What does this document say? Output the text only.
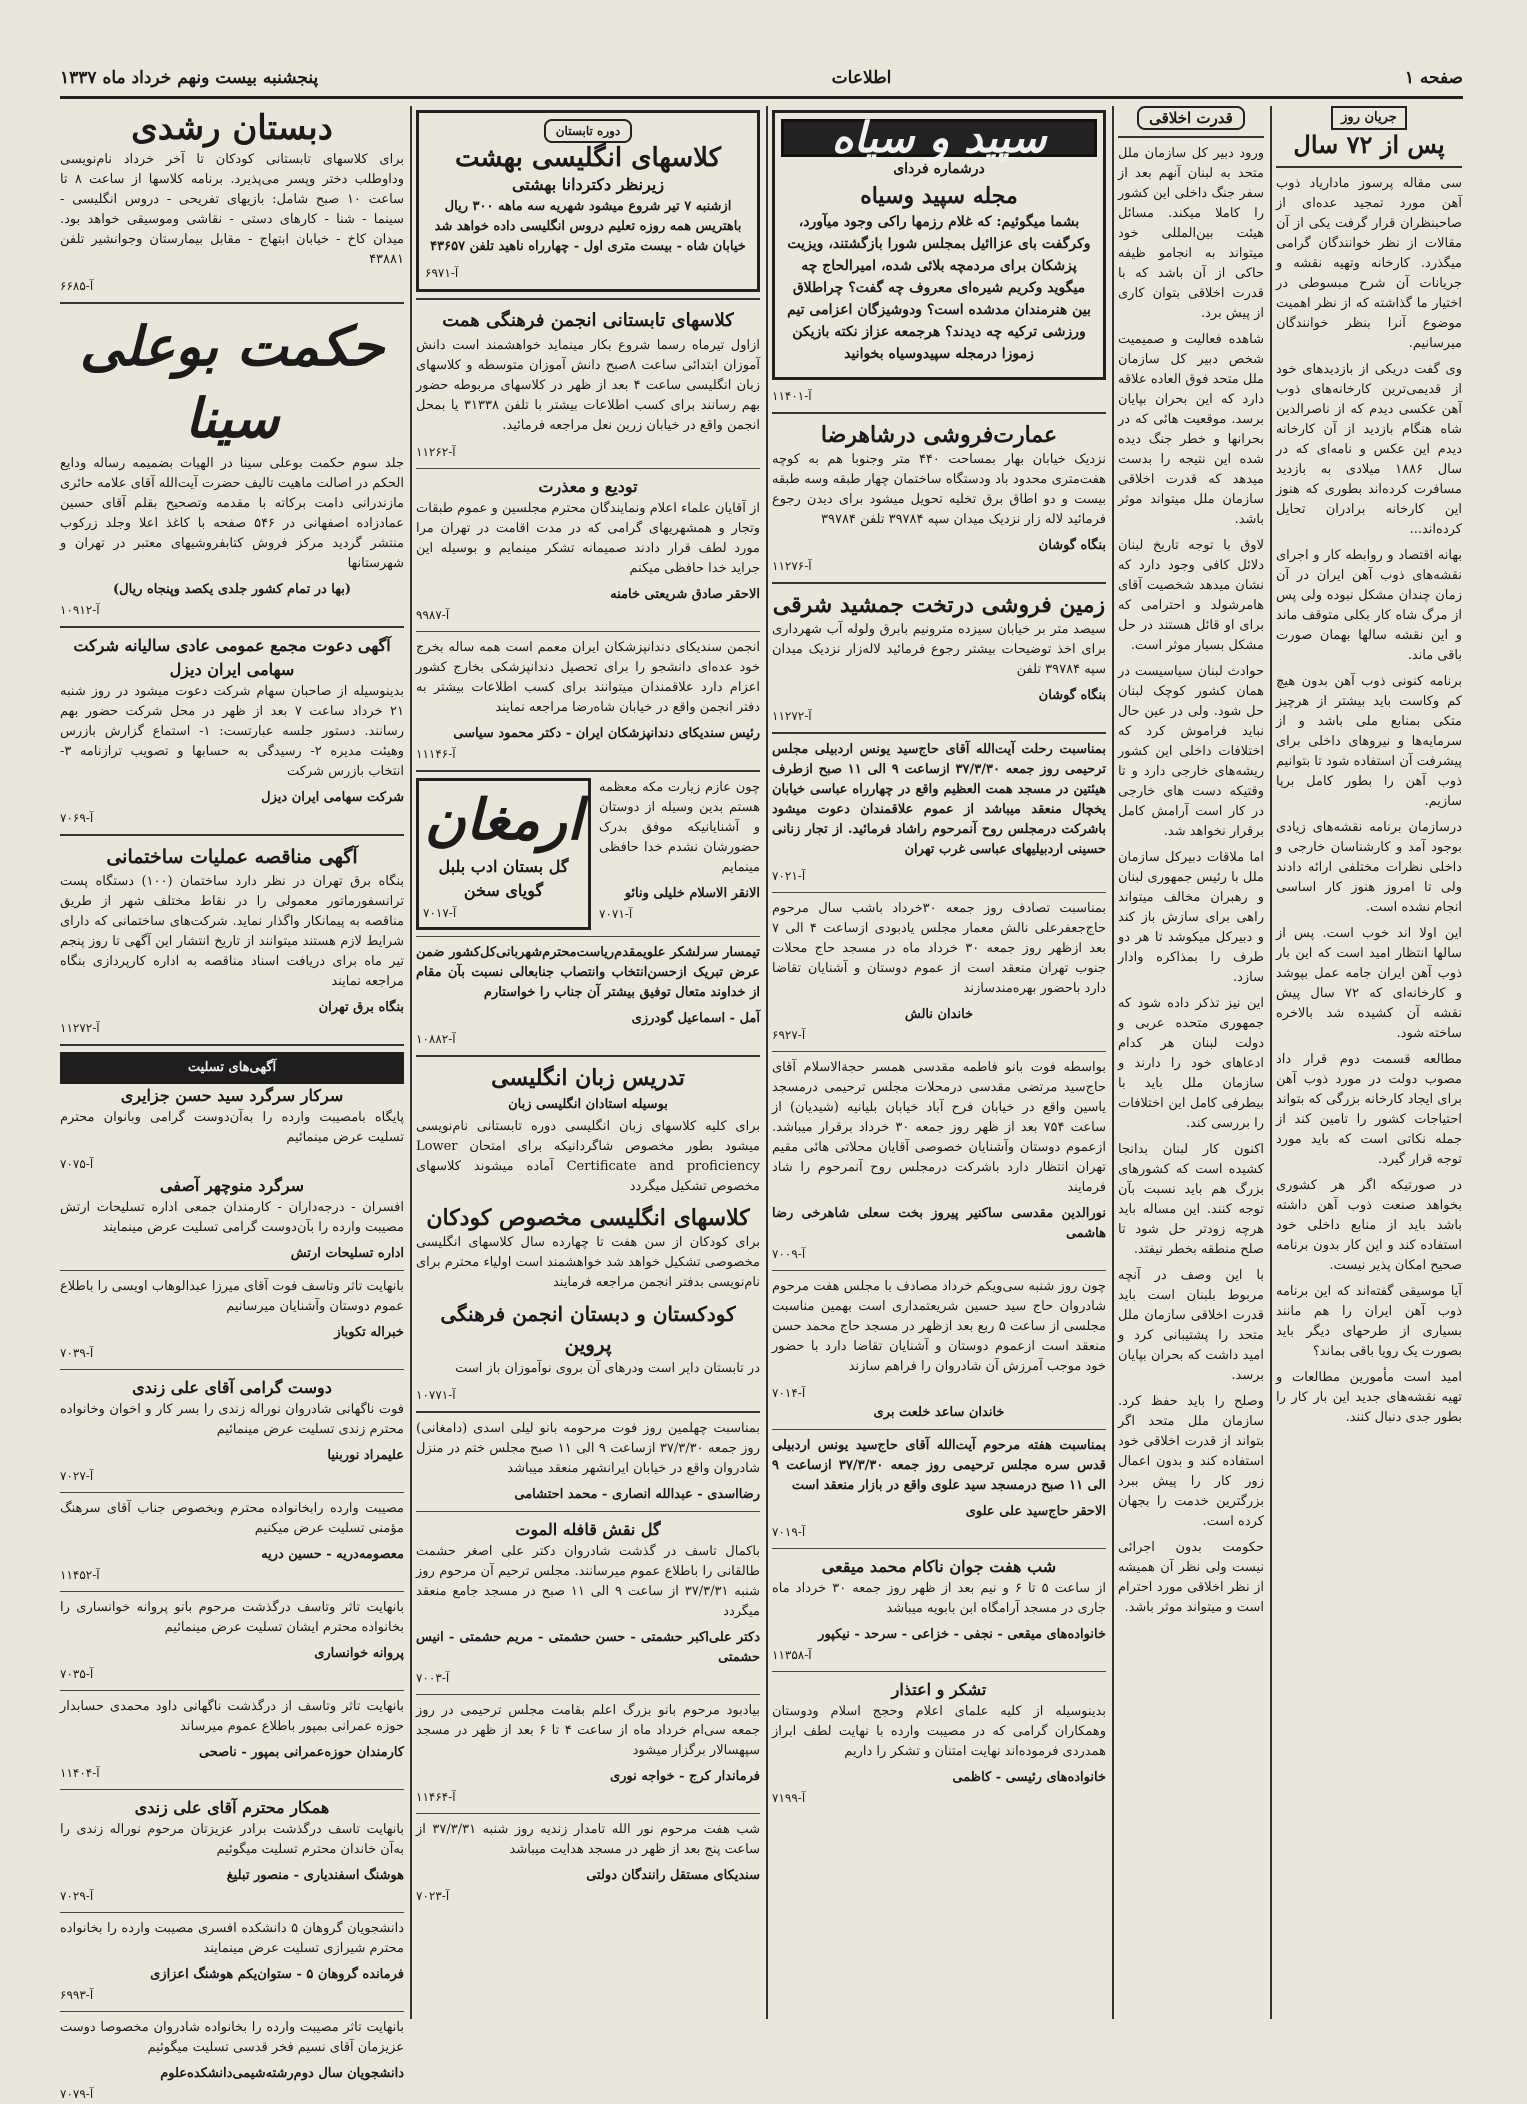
صفحه ۱
اطلاعات
پنجشنبه بیست ونهم خرداد ماه ۱۳۳۷
جریان روز
پس از ۷۲ سال

سی مقاله پرسوز ماداریاد ذوب آهن مورد تمجید عده‌ای از صاحبنظران قرار گرفت یکی از آن مقالات از نظر خوانندگان گرامی میگذرد. کارخانه وتهیه نقشه و جریانات آن شرح مبسوطی در اختیار ما گذاشته که از نظر اهمیت موضوع آنرا بنظر خوانندگان میرسانیم.

وی گفت دریکی از بازدیدهای خود از قدیمی‌ترین کارخانه‌های ذوب آهن عکسی دیدم که از ناصرالدین شاه هنگام بازدید از آن کارخانه دیدم این عکس و نامه‌ای که در سال ۱۸۸۶ میلادی به بازدید مسافرت کرده‌اند بطوری که هنوز این کارخانه برادران تحایل کرده‌اند...

بهانه اقتصاد و روابطه کار و اجرای نقشه‌های ذوب آهن ایران در آن زمان چندان مشکل نبوده ولی پس از مرگ شاه کار بکلی متوقف ماند و این نقشه سالها بهمان صورت باقی ماند.

برنامه کنونی ذوب آهن بدون هیچ کم وکاست باید بیشتر از هرچیز متکی بمنابع ملی باشد و از سرمایه‌ها و نیروهای داخلی برای پیشرفت آن استفاده شود تا بتوانیم ذوب آهن را بطور کامل برپا سازیم.

درسازمان برنامه نقشه‌های زیادی بوجود آمد و کارشناسان خارجی و داخلی نظرات مختلفی ارائه دادند ولی تا امروز هنوز کار اساسی انجام نشده است.

این اولا اند خوب است. پس از سالها انتظار امید است که این بار ذوب آهن ایران جامه عمل بپوشد و کارخانه‌ای که ۷۲ سال پیش نقشه آن کشیده شد بالاخره ساخته شود.

مطالعه قسمت دوم قرار داد مصوب دولت در مورد ذوب آهن برای ایجاد کارخانه بزرگی که بتواند احتیاجات کشور را تامین کند از جمله نکاتی است که باید مورد توجه قرار گیرد.

در صورتیکه اگر هر کشوری بخواهد صنعت ذوب آهن داشته باشد باید از منابع داخلی خود استفاده کند و این کار بدون برنامه صحیح امکان پذیر نیست.

آیا موسیقی گفته‌اند که این برنامه ذوب آهن ایران را هم مانند بسیاری از طرحهای دیگر باید بصورت یک رویا باقی بماند؟

امید است مأمورین مطالعات و تهیه نقشه‌های جدید این بار کار را بطور جدی دنبال کنند.

قدرت اخلاقی

ورود دبیر کل سازمان ملل متحد به لبنان آنهم بعد از سفر جنگ داخلی این کشور را کاملا میکند. مسائل هیئت بین‌المللی خود میتواند به انجامو ظیفه حاکی از آن باشد که با قدرت اخلاقی بتوان کاری از پیش برد.

شاهده فعالیت و صمیمیت شخص دبیر کل سازمان ملل متحد فوق العاده علاقه دارد که این بحران بپایان برسد. موقعیت هائی که در بحرانها و خطر جنگ دیده شده این نتیجه را بدست میدهد که قدرت اخلاقی سازمان ملل میتواند موثر باشد.

لاوق با توجه تاریخ لبنان دلائل کافی وجود دارد که نشان میدهد شخصیت آقای هامرشولد و احترامی که برای او قائل هستند در حل مشکل بسیار موثر است.

حوادث لبنان سیاسیست در همان کشور کوچک لبنان حل شود. ولی در عین حال نباید فراموش کرد که اختلافات داخلی این کشور ریشه‌های خارجی دارد و تا وقتیکه دست های خارجی در کار است آرامش کامل برقرار نخواهد شد.

اما ملاقات دبیرکل سازمان ملل با رئیس جمهوری لبنان و رهبران مخالف میتواند راهی برای سازش باز کند و دبیرکل میکوشد تا هر دو طرف را بمذاکره وادار سازد.

این نیز تذکر داده شود که جمهوری متحده عربی و دولت لبنان هر کدام ادعاهای خود را دارند و سازمان ملل باید با بیطرفی کامل این اختلافات را بررسی کند.

اکنون کار لبنان بدانجا کشیده است که کشورهای بزرگ هم باید نسبت بآن توجه کنند. این مساله باید هرچه زودتر حل شود تا صلح منطقه بخطر نیفتد.

با این وصف در آنچه مربوط بلبنان است باید قدرت اخلاقی سازمان ملل متحد را پشتیبانی کرد و امید داشت که بحران بپایان برسد.

وصلح را باید حفظ کرد. سازمان ملل متحد اگر بتواند از قدرت اخلاقی خود استفاده کند و بدون اعمال زور کار را پیش ببرد بزرگترین خدمت را بجهان کرده است.

حکومت بدون اجرائی نیست ولی نظر آن همیشه از نظر اخلاقی مورد احترام است و میتواند موثر باشد.

سپید و سیاه
درشماره فردای
مجله سپید وسیاه

بشما میگوئیم: که غلام رزمها راکی وجود میآورد، وکرگفت بای عزاائیل بمجلس شورا بازگشتند، ویزیت پزشکان برای مردمچه بلائی شده، امیرالحاج چه میگوید وکریم شیره‌ای معروف چه گفت؟ چراطلاق بین هنرمندان مدشده است؟ ودوشیزگان اعزامی تیم ورزشی ترکیه چه دیدند؟ هرجمعه عزاز نکته بازیکن زموزا درمجله سپیدوسیاه بخوانید

آ-۱۱۴۰۱
عمارت‌فروشی درشاهرضا

نزدیک خیابان بهار بمساحت ۴۴۰ متر وجنوبا هم به کوچه هفت‌متری محدود باد ودستگاه ساختمان چهار طبقه وسه طبقه بیست و دو اطاق برق تخلیه تحویل میشود برای دیدن رجوع فرمائید لاله زار نزدیک میدان سپه ۳۹۷۸۴ تلفن ۳۹۷۸۴

بنگاه گوشان
آ-۱۱۲۷۶
زمین فروشی درتخت جمشید شرقی

سیصد متر بر خیابان سیزده مترونیم بابرق ولوله آب شهرداری برای اخذ توضیحات بیشتر رجوع فرمائید لاله‌زار نزدیک میدان سپه ۳۹۷۸۴ تلفن

بنگاه گوشان
آ-۱۱۲۷۲

بمناسبت رحلت آیت‌الله آقای حاج‌سید یونس اردبیلی مجلس ترحیمی روز جمعه ۳۷/۳/۳۰ ازساعت ۹ الی ۱۱ صبح ازطرف هیئتین در مسجد همت العظیم واقع در چهارراه عباسی خیابان یخچال منعقد میباشد از عموم علاقمندان دعوت میشود باشرکت درمجلس روح آنمرحوم راشاد فرمائید. از تجار زنانی حسینی اردبیلیهای عباسی غرب تهران

آ-۷۰۲۱

بمناسبت تصادف روز جمعه ۳۰خرداد باشب سال مرحوم حاج‌جعفرعلی نالش معمار مجلس یادبودی ازساعت ۴ الی ۷ بعد ازظهر روز جمعه ۳۰ خرداد ماه در مسجد حاج محلات جنوب تهران منعقد است از عموم دوستان و آشنایان تقاضا دارد باحضور بهره‌مندسازند

خاندان نالش
آ-۶۹۲۷

بواسطه فوت بانو فاطمه مقدسی همسر حجة‌الاسلام آقای حاج‌سید مرتضی مقدسی درمحلات مجلس ترحیمی درمسجد یاسین واقع در خیابان فرح آباد خیابان بلیانیه (شیدیان) از ساعت ۷۵۴ بعد از ظهر روز جمعه ۳۰ خرداد برقرار میباشد. ازعموم دوستان وآشنایان خصوصی آقایان محلاتی هائی مقیم تهران انتظار دارد باشرکت درمجلس روح آنمرحوم را شاد فرمایند

نورالدین مقدسی ساکنیر پیروز بخت سعلی شاهرخی رضا هاشمی
آ-۷۰۰۹

چون روز شنبه سی‌ویکم خرداد مصادف با مجلس هفت مرحوم شادروان حاج سید حسین شریعتمداری است بهمین مناسبت مجلسی از ساعت ۵ ربع بعد ازظهر در مسجد حاج محمد حسن منعقد است ازعموم دوستان و آشنایان تقاضا دارد با حضور خود موجب آمرزش آن شادروان را فراهم سازند

آ-۷۰۱۴
خاندان ساعد خلعت بری

بمناسبت هفته مرحوم آیت‌الله آقای حاج‌سید یونس اردبیلی قدس سره مجلس ترحیمی روز جمعه ۳۷/۳/۳۰ ازساعت ۹ الی ۱۱ صبح درمسجد سید علوی واقع در بازار منعقد است

الاحقر حاج‌سید علی علوی
آ-۷۰۱۹
شب هفت جوان ناکام محمد میقعی

از ساعت ۵ تا ۶ و نیم بعد از ظهر روز جمعه ۳۰ خرداد ماه جاری در مسجد آرامگاه ابن بابویه میباشد

خانواده‌های میقعی - نجفی - خزاعی - سرحد - نیکپور
آ-۱۱۳۵۸
تشکر و اعتذار

بدینوسیله از کلیه علمای اعلام وحجج اسلام ودوستان وهمکاران گرامی که در مصیبت وارده با نهایت لطف ابراز همدردی فرموده‌اند نهایت امتنان و تشکر را داریم

خانواده‌های رئیسی - کاظمی
آ-۷۱۹۹
دوره تابستان
کلاسهای انگلیسی بهشت
زیرنظر دکتردانا بهشتی

ازشنبه ۷ تیر شروع میشود شهریه سه ماهه ۳۰۰ ریال باهتریس همه روزه تعلیم دروس انگلیسی داده خواهد شد خیابان شاه - بیست متری اول - چهارراه ناهید تلفن ۴۳۶۵۷

آ-۶۹۷۱
کلاسهای تابستانی انجمن فرهنگی همت

ازاول تیرماه رسما شروع بکار مینماید خواهشمند است دانش آموزان ابتدائی ساعت ۸صبح دانش آموزان متوسطه و کلاسهای زبان انگلیسی ساعت ۴ بعد از ظهر در کلاسهای مربوطه حضور بهم رسانند برای کسب اطلاعات بیشتر با تلفن ۳۱۳۳۸ یا بمحل انجمن واقع در خیابان زرین نعل مراجعه فرمائید.

آ-۱۱۲۶۲
تودیع و معذرت

از آقایان علماء اعلام ونمایندگان محترم مجلسین و عموم طبقات وتجار و همشهریهای گرامی که در مدت اقامت در تهران مرا مورد لطف قرار دادند صمیمانه تشکر مینمایم و بوسیله این جراید خدا حافظی میکنم

الاحقر صادق شریعتی خامنه
آ-۹۹۸۷

انجمن سندیکای دندانپزشکان ایران معمم است همه ساله بخرج خود عده‌ای دانشجو را برای تحصیل دندانپزشکی بخارج کشور اعزام دارد علاقمندان میتوانند برای کسب اطلاعات بیشتر به دفتر انجمن واقع در خیابان شاه‌رضا مراجعه نمایند

رئیس سندیکای دندانپزشکان ایران - دکتر محمود سیاسی
آ-۱۱۱۴۶

چون عازم زیارت مکه معظمه هستم بدین وسیله از دوستان و آشنایانیکه موفق بدرک حضورشان نشدم خدا حافظی مینمایم

الانقر الاسلام خلیلی ونائو
آ-۷۰۷۱
ارمغان
گل بستان ادب بلبل گویای سخن
آ-۷۰۱۷

تیمسار سرلشکر علویمقدم‌ریاست‌محترم‌شهربانی‌کل‌کشور ضمن عرض تبریک ازحسن‌انتخاب وانتصاب جنابعالی نسبت بآن مقام از خداوند متعال توفیق بیشتر آن جناب را خواستارم

آمل - اسماعیل گودرزی
آ-۱۰۸۸۲
تدریس زبان انگلیسی
بوسیله استادان انگلیسی زبان

برای کلیه کلاسهای زبان انگلیسی دوره تابستانی نام‌نویسی میشود بطور مخصوص شاگردانیکه برای امتحان Lower Certificate and proficiency آماده میشوند کلاسهای مخصوص تشکیل میگردد

کلاسهای انگلیسی مخصوص کودکان

برای کودکان از سن هفت تا چهارده سال کلاسهای انگلیسی مخصوصی تشکیل خواهد شد خواهشمند است اولیاء محترم برای نام‌نویسی بدفتر انجمن مراجعه فرمایند

کودکستان و دبستان انجمن فرهنگی پروین

در تابستان دایر است ودرهای آن بروی نوآموزان باز است

آ-۱۰۷۷۱

بمناسبت چهلمین روز فوت مرحومه بانو لیلی اسدی (دامغانی) روز جمعه ۳۷/۳/۳۰ ازساعت ۹ الی ۱۱ صبح مجلس ختم در منزل شادروان واقع در خیابان ایرانشهر منعقد میباشد

رضااسدی - عبدالله انصاری - محمد احتشامی
گل نقش قافله الموت

باکمال تاسف در گذشت شادروان دکتر علی اصغر حشمت طالقانی را باطلاع عموم میرسانند. مجلس ترحیم آن مرحوم روز شنبه ۳۷/۳/۳۱ از ساعت ۹ الی ۱۱ صبح در مسجد جامع منعقد میگردد

دکتر علی‌اکبر حشمتی - حسن حشمتی - مریم حشمتی - انیس حشمتی
آ-۷۰۰۳

بیادبود مرحوم بانو بزرگ اعلم بقامت مجلس ترحیمی در روز جمعه سی‌ام خرداد ماه از ساعت ۴ تا ۶ بعد از ظهر در مسجد سپهسالار برگزار میشود

فرماندار کرج - خواجه نوری
آ-۱۱۴۶۴

شب هفت مرحوم نور الله تامدار زندیه روز شنبه ۳۷/۳/۳۱ از ساعت پنج بعد از ظهر در مسجد هدایت میباشد

سندیکای مستقل رانندگان دولتی
آ-۷۰۲۳
دبستان رشدی

برای کلاسهای تابستانی کودکان تا آخر خرداد نام‌نویسی وداوطلب دختر وپسر می‌پذیرد. برنامه کلاسها از ساعت ۸ تا ساعت ۱۰ صبح شامل: بازیهای تفریحی - دروس انگلیسی - سینما - شنا - کارهای دستی - نقاشی وموسیقی خواهد بود. میدان کاخ - خیابان ابتهاج - مقابل بیمارستان وجوانشیر تلفن ۴۳۸۸۱

آ-۶۶۸۵
حکمت بوعلی سینا

جلد سوم حکمت بوعلی سینا در الهیات بضمیمه رساله ودایع الحکم در اصالت ماهیت تالیف حضرت آیت‌الله آقای علامه حائری مازندرانی دامت برکاته با مقدمه وتصحیح بقلم آقای حسین عمادزاده اصفهانی در ۵۴۶ صفحه با کاغذ اعلا وجلد زرکوب منتشر گردید مرکز فروش کتابفروشیهای معتبر در تهران و شهرستانها

(بها در تمام کشور جلدی یکصد وپنجاه ریال)
آ-۱۰۹۱۲
آگهی دعوت مجمع عمومی عادی سالیانه شرکت سهامی ایران دیزل

بدینوسیله از صاحبان سهام شرکت دعوت میشود در روز شنبه ۲۱ خرداد ساعت ۷ بعد از ظهر در محل شرکت حضور بهم رسانند. دستور جلسه عبارتست: ۱- استماع گزارش بازرس وهیئت مدیره ۲- رسیدگی به حسابها و تصویب ترازنامه ۳- انتخاب بازرس شرکت

شرکت سهامی ایران دیزل
آ-۷۰۶۹
آگهی مناقصه عملیات ساختمانی

بنگاه برق تهران در نظر دارد ساختمان (۱۰۰) دستگاه پست ترانسفورماتور معمولی را در نقاط مختلف شهر از طریق مناقصه به پیمانکار واگذار نماید. شرکت‌های ساختمانی که دارای شرایط لازم هستند میتوانند از تاریخ انتشار این آگهی تا روز پنجم تیر ماه برای دریافت اسناد مناقصه به اداره کارپردازی بنگاه مراجعه نمایند

بنگاه برق تهران
آ-۱۱۲۷۲
آگهی‌های تسلیت
سرکار سرگرد سید حسن جزایری

پایگاه بامصیبت وارده را به‌آن‌دوست گرامی وبانوان محترم تسلیت عرض مینمائیم

آ-۷۰۷۵
سرگرد منوچهر آصفی

افسران - درجه‌داران - کارمندان جمعی اداره تسلیحات ارتش مصیبت وارده را بآن‌دوست گرامی تسلیت عرض مینمایند

اداره تسلیحات ارتش

بانهایت تاثر وتاسف فوت آقای میرزا عبدالوهاب اویسی را باطلاع عموم دوستان وآشنایان میرسانیم

خبراله تکوباز
آ-۷۰۳۹
دوست گرامی آقای علی زندی

فوت ناگهانی شادروان نوراله زندی را بسر کار و اخوان وخانواده محترم زندی تسلیت عرض مینمائیم

علیمراد نوربنیا
آ-۷۰۲۷

مصیبت وارده رابخانواده محترم وبخصوص جناب آقای سرهنگ مؤمنی تسلیت عرض میکنیم

معصومه‌دریه - حسین دریه
آ-۱۱۴۵۲

بانهایت تاثر وتاسف درگذشت مرحوم بانو پروانه خوانساری را بخانواده محترم ایشان تسلیت عرض مینمائیم

پروانه خوانساری
آ-۷۰۳۵

بانهایت تاثر وتاسف از درگذشت ناگهانی داود محمدی حسابدار حوزه عمرانی بمپور باطلاع عموم میرساند

کارمندان حوزه‌عمرانی بمپور - ناصحی
آ-۱۱۴۰۴
همکار محترم آقای علی زندی

بانهایت تاسف درگذشت برادر عزیزتان مرحوم نوراله زندی را به‌آن خاندان محترم تسلیت میگوئیم

هوشنگ اسفندیاری - منصور تبلیغ
آ-۷۰۲۹

دانشجویان گروهان ۵ دانشکده افسری مصیبت وارده را بخانواده محترم شیرازی تسلیت عرض مینمایند

فرمانده گروهان ۵ - ستوان‌یکم هوشنگ اعزازی
آ-۶۹۹۳

بانهایت تاثر مصیبت وارده را بخانواده شادروان مخصوصا دوست عزیزمان آقای نسیم فخر قدسی تسلیت میگوئیم

دانشجویان سال دوم‌رشته‌شیمی‌دانشکده‌علوم
آ-۷۰۷۹
